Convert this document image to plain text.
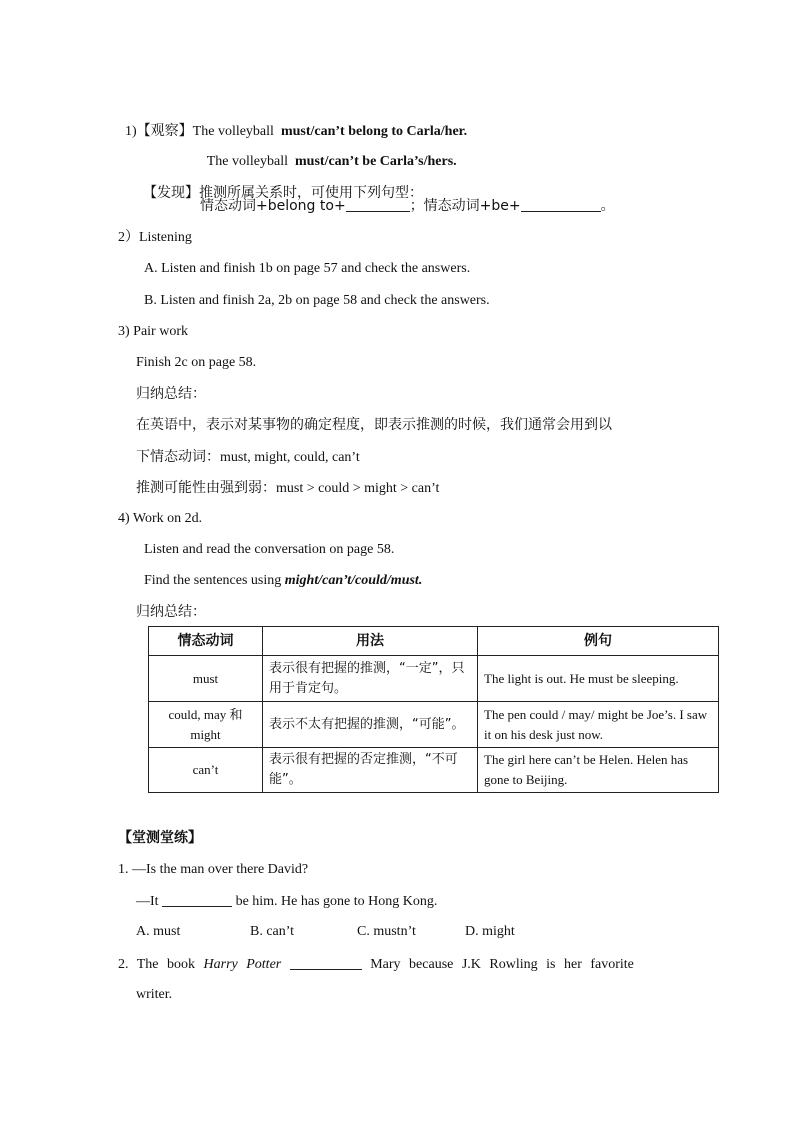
1)【观察】The volleyball  must/can’t belong to Carla/her.

The volleyball  must/can’t be Carla’s/hers.

【发现】推测所属关系时，可使用下列句型：

情态动词+belong to+	；情态动词+be+	。
2）Listening
A. Listen and finish 1b on page 57 and check the answers.
B. Listen and finish 2a, 2b on page 58 and check the answers.
3) Pair work
Finish 2c on page 58.
归纳总结：
在英语中，表示对某事物的确定程度，即表示推测的时候，我们通常会用到以
下情态动词：must, might, could, can’t
推测可能性由强到弱：must > could > might > can’t
4) Work on 2d.
Listen and read the conversation on page 58.
Find the sentences using might/can’t/could/must.
归纳总结：
情态动词	用法	例句
must	表示很有把握的推测，“一定”，只用于肯定句。	The light is out. He must be sleeping.
could, may 和 might	表示不太有把握的推测，“可能”。	The pen could / may/ might be Joe’s. I saw it on his desk just now.
can’t	表示很有把握的否定推测，“不可能”。	The girl here can’t be Helen. Helen has gone to Beijing.
【堂测堂练】
1. —Is the man over there David?
—It	be him. He has gone to Hong Kong.
A. must	B. can’t	C. mustn’t	D. might
2. The book Harry Potter	Mary because J.K Rowling is her favorite
writer.
